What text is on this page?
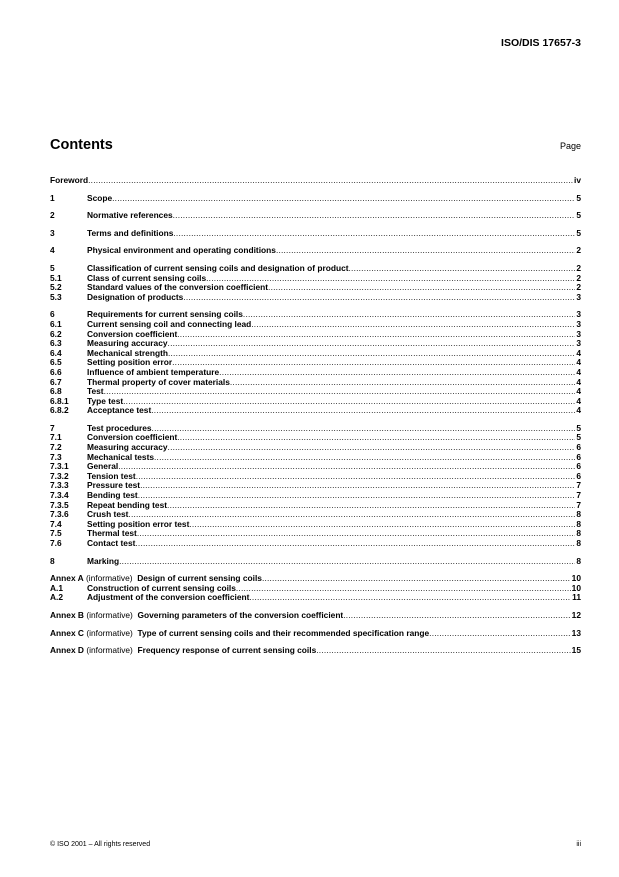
ISO/DIS 17657-3
Contents	Page
Foreword .....	iv
1	Scope .....	5
2	Normative references .....	5
3	Terms and definitions .....	5
4	Physical environment and operating conditions .....	2
5	Classification of current sensing coils and designation of product .....	2
5.1	Class of current sensing coils .....	2
5.2	Standard values of the conversion coefficient .....	2
5.3	Designation of products .....	3
6	Requirements for current sensing coils .....	3
6.1	Current sensing coil and connecting lead .....	3
6.2	Conversion coefficient .....	3
6.3	Measuring accuracy .....	3
6.4	Mechanical strength .....	4
6.5	Setting position error .....	4
6.6	Influence of ambient temperature .....	4
6.7	Thermal property of cover materials .....	4
6.8	Test .....	4
6.8.1	Type test .....	4
6.8.2	Acceptance test .....	4
7	Test procedures .....	5
7.1	Conversion coefficient .....	5
7.2	Measuring accuracy .....	6
7.3	Mechanical tests .....	6
7.3.1	General .....	6
7.3.2	Tension test .....	6
7.3.3	Pressure test .....	7
7.3.4	Bending test .....	7
7.3.5	Repeat bending test .....	7
7.3.6	Crush test .....	8
7.4	Setting position error test .....	8
7.5	Thermal test .....	8
7.6	Contact test .....	8
8	Marking .....	8
Annex A (informative) Design of current sensing coils .....	10
A.1	Construction of current sensing coils .....	10
A.2	Adjustment of the conversion coefficient .....	11
Annex B (informative) Governing parameters of the conversion coefficient .....	12
Annex C (informative) Type of current sensing coils and their recommended specification range .....	13
Annex D (informative) Frequency response of current sensing coils .....	15
© ISO 2001 – All rights reserved	iii
